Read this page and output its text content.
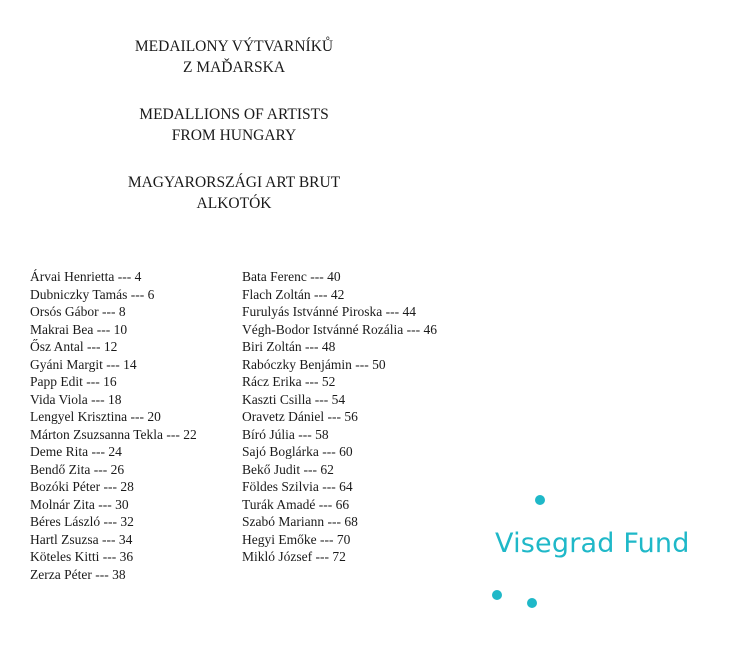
MEDAILONY VÝTVARNÍKŮ
Z MAĎARSKA

MEDALLIONS OF ARTISTS
FROM HUNGARY

MAGYARORSZÁGI ART BRUT
ALKOTÓK

Árvai Henrietta --- 4
Dubniczky Tamás --- 6
Orsós Gábor --- 8
Makrai Bea --- 10
Ősz Antal --- 12
Gyáni Margit --- 14
Papp Edit --- 16
Vida Viola --- 18
Lengyel Krisztina --- 20
Márton Zsuzsanna Tekla --- 22
Deme Rita --- 24
Bendő Zita --- 26
Bozóki Péter --- 28
Molnár Zita --- 30
Béres László --- 32
Hartl Zsuzsa --- 34
Köteles Kitti --- 36
Zerza Péter --- 38
Bata Ferenc --- 40
Flach Zoltán --- 42
Furulyás Istvánné Piroska --- 44
Végh-Bodor Istvánné Rozália --- 46
Biri Zoltán --- 48
Rabóczky Benjámin --- 50
Rácz Erika --- 52
Kaszti Csilla --- 54
Oravetz Dániel --- 56
Bíró Júlia --- 58
Sajó Boglárka --- 60
Bekő Judit --- 62
Földes Szilvia --- 64
Turák Amadé --- 66
Szabó Mariann --- 68
Hegyi Emőke --- 70
Mikló József --- 72	Visegrad Fund
